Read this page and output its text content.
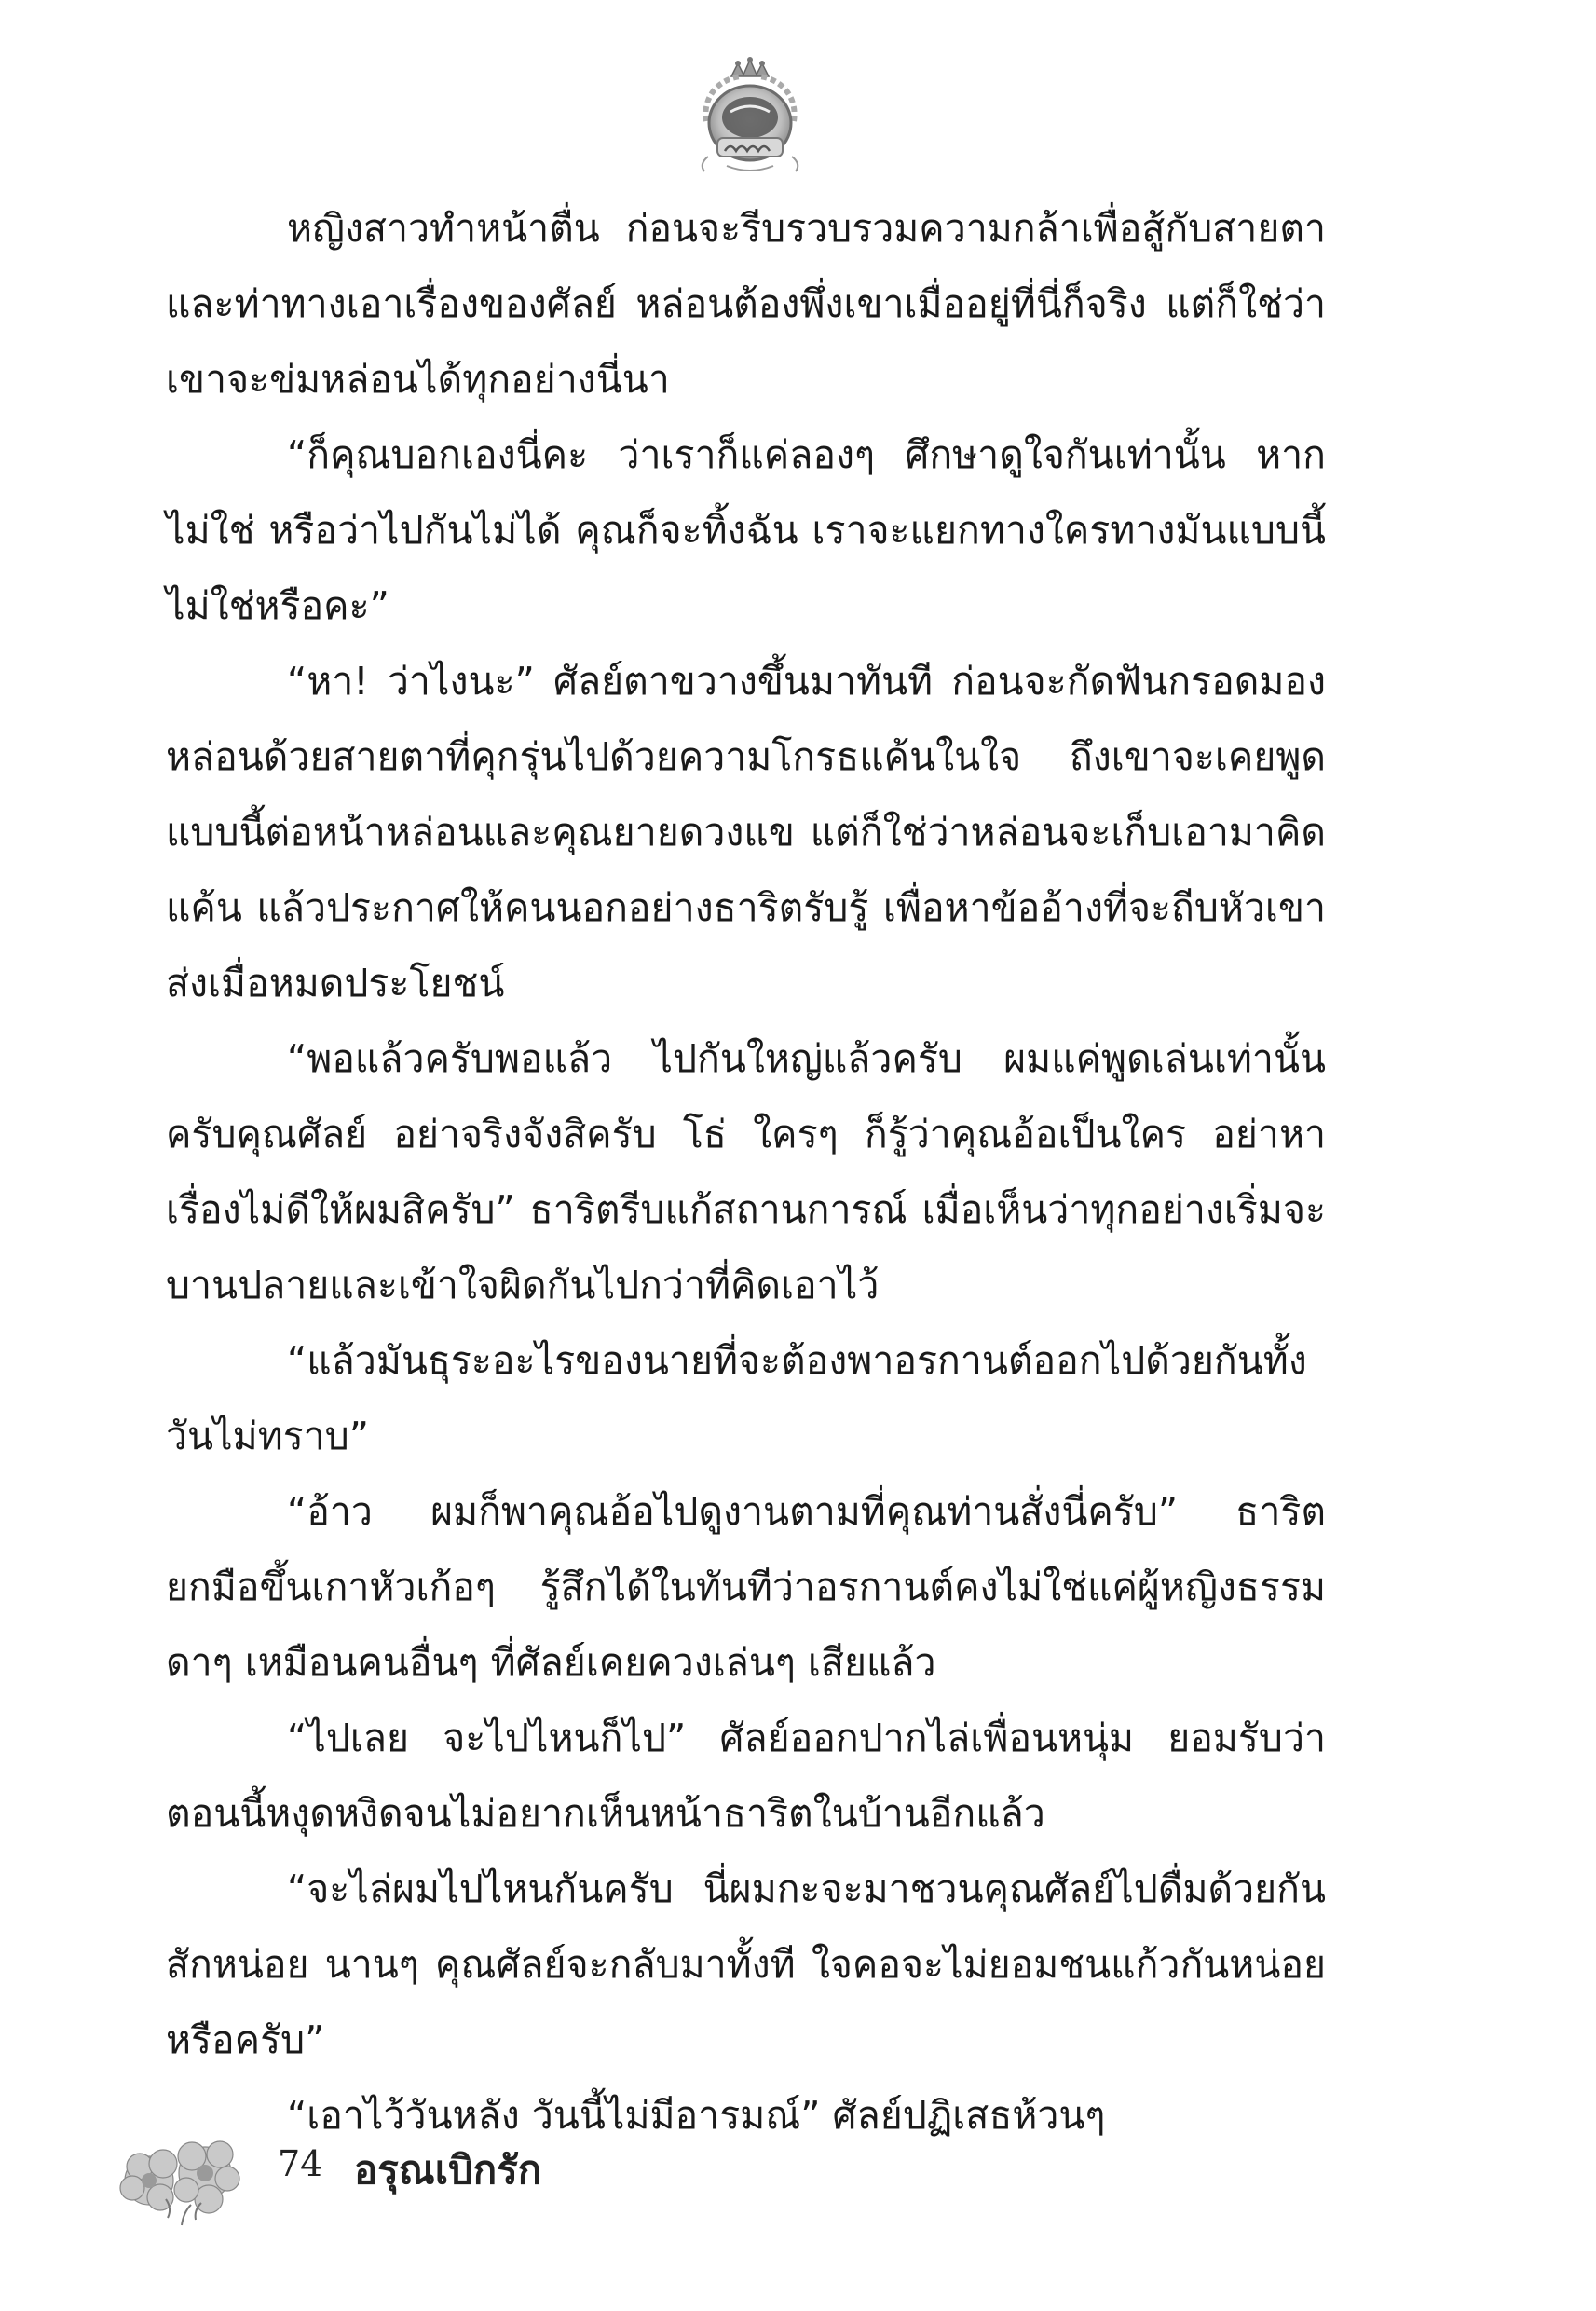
หญิงสาวทำหน้าตื่น ก่อนจะรีบรวบรวมความกล้าเพื่อสู้กับสายตาและท่าทางเอาเรื่องของศัลย์ หล่อนต้องพึ่งเขาเมื่ออยู่ที่นี่ก็จริง แต่ก็ใช่ว่าเขาจะข่มหล่อนได้ทุกอย่างนี่นา

“ก็คุณบอกเองนี่คะ ว่าเราก็แค่ลองๆ ศึกษาดูใจกันเท่านั้น หากไม่ใช่ หรือว่าไปกันไม่ได้ คุณก็จะทิ้งฉัน เราจะแยกทางใครทางมันแบบนี้ไม่ใช่หรือคะ”

“หา! ว่าไงนะ” ศัลย์ตาขวางขึ้นมาทันที ก่อนจะกัดฟันกรอดมองหล่อนด้วยสายตาที่คุกรุ่นไปด้วยความโกรธแค้นในใจ ถึงเขาจะเคยพูดแบบนี้ต่อหน้าหล่อนและคุณยายดวงแข แต่ก็ใช่ว่าหล่อนจะเก็บเอามาคิดแค้น แล้วประกาศให้คนนอกอย่างธาริตรับรู้ เพื่อหาข้ออ้างที่จะถีบหัวเขาส่งเมื่อหมดประโยชน์

“พอแล้วครับพอแล้ว ไปกันใหญ่แล้วครับ ผมแค่พูดเล่นเท่านั้นครับคุณศัลย์ อย่าจริงจังสิครับ โธ่ ใครๆ ก็รู้ว่าคุณอ้อเป็นใคร อย่าหาเรื่องไม่ดีให้ผมสิครับ” ธาริตรีบแก้สถานการณ์ เมื่อเห็นว่าทุกอย่างเริ่มจะบานปลายและเข้าใจผิดกันไปกว่าที่คิดเอาไว้

“แล้วมันธุระอะไรของนายที่จะต้องพาอรกานต์ออกไปด้วยกันทั้งวันไม่ทราบ”

“อ้าว ผมก็พาคุณอ้อไปดูงานตามที่คุณท่านสั่งนี่ครับ” ธาริตยกมือขึ้นเกาหัวเก้อๆ รู้สึกได้ในทันทีว่าอรกานต์คงไม่ใช่แค่ผู้หญิงธรรมดาๆ เหมือนคนอื่นๆ ที่ศัลย์เคยควงเล่นๆ เสียแล้ว

“ไปเลย จะไปไหนก็ไป” ศัลย์ออกปากไล่เพื่อนหนุ่ม ยอมรับว่าตอนนี้หงุดหงิดจนไม่อยากเห็นหน้าธาริตในบ้านอีกแล้ว

“จะไล่ผมไปไหนกันครับ นี่ผมกะจะมาชวนคุณศัลย์ไปดื่มด้วยกันสักหน่อย นานๆ คุณศัลย์จะกลับมาทั้งที ใจคอจะไม่ยอมชนแก้วกันหน่อยหรือครับ”

“เอาไว้วันหลัง วันนี้ไม่มีอารมณ์” ศัลย์ปฏิเสธห้วนๆ

74 อรุณเบิกรัก
